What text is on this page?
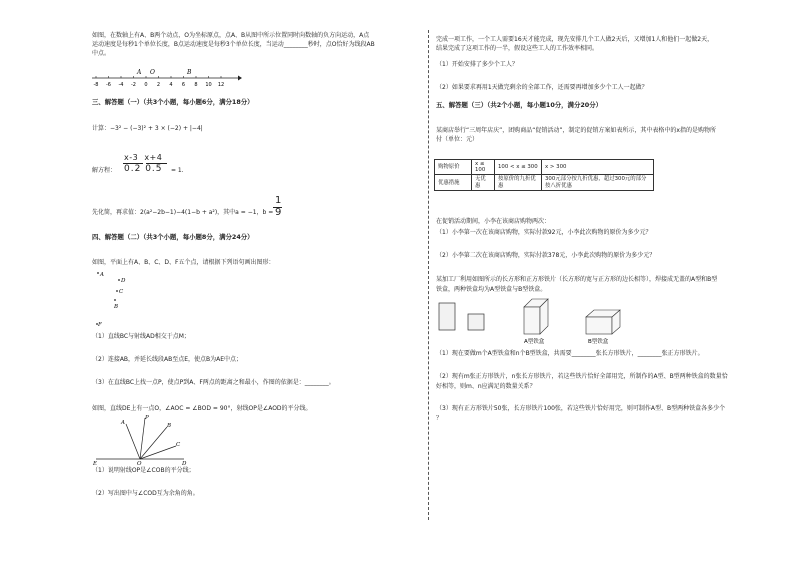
如图，在数轴上有A、B两个动点，O为坐标原点，点A、B从图中所示位置同时向数轴的负方向运动，A点
运动速度是每秒1个单位长度，B点运动速度是每秒3个单位长度，当运动________秒时，点O恰好为线段AB
中点。
-8 -6 -4 -2 0 2 4 6 8 10 12
A O	B
三、解答题（一）（共3个小题，每小题6分，满分18分）
计算：−3² − (−3)² + 3 × (−2) + |−4|
x-3 x+4
解方程： 0.2 0.5 = 1.
先化简，再求值：2(a²−2b−1)−4(1−b + a²)，其中a = −1，b =
1
9
四、解答题（二）（共3个小题，每小题8分，满分24分）
如图，平面上有A、B、C、D、F五个点，请根据下列语句画出图形：
A
D
C
B
F
（1）直线BC与射线AD相交于点M；
（2）连接AB，并延长线段AB至点E，使点B为AE中点；
（3）在直线BC上找一点P，使点P到A、F两点的距离之和最小，作图的依据是：________。
如图，直线DE上有一点O，∠AOC = ∠BOD = 90°，射线OP是∠AOD的平分线。
A
P
B
C
E	O	D
（1）说明射线OP是∠COB的平分线；
（2）写出图中与∠COD互为余角的角。
完成一项工作，一个工人需要16天才能完成，现先安排几个工人做2天后，又增加1人和他们一起做2天，
结果完成了这项工作的一半，假设这些工人的工作效率相同。
（1）开始安排了多少个工人？
（2）如果要求再用1天做完剩余的全部工作，还需要再增加多少个工人一起做？
五、解答题（三）（共2个小题，每小题10分，满分20分）
某商店举行“三周年店庆”，团购商品“促销活动”，制定的促销方案如表所示，其中表格中的x指的是购物所
付（单位：元）
购物原价	x ≤ 100	100 < x ≤ 300	x > 300
优惠措施	无优惠	按原价的九折优惠	300元部分按九折优惠，超过300元的部分按八折优惠
在促销活动期间，小李在该商店购物两次：
（1）小李第一次在该商店购物，实际付款92元，小李此次购物的原价为多少元？
（2）小李第二次在该商店购物，实际付款378元，小李此次购物的原价为多少元？
某加工厂利用如图所示的长方形和正方形铁片（长方形的宽与正方形的边长相等），焊接成无盖的A型和B型
铁盒，两种铁盒均为A型铁盒与B型铁盒。
A型铁盒	B型铁盒
（1）现在要做m个A型铁盒和n个B型铁盒，共需要________张长方形铁片，________张正方形铁片。
（2）现有m张正方形铁片，n张长方形铁片，若这些铁片恰好全部用完，所制作的A型、B型两种铁盒的数量恰
好相等，则m、n应满足的数量关系？
（3）现有正方形铁片50张，长方形铁片100张，若这些铁片恰好用完，则可制作A型、B型两种铁盒各多少个
？
